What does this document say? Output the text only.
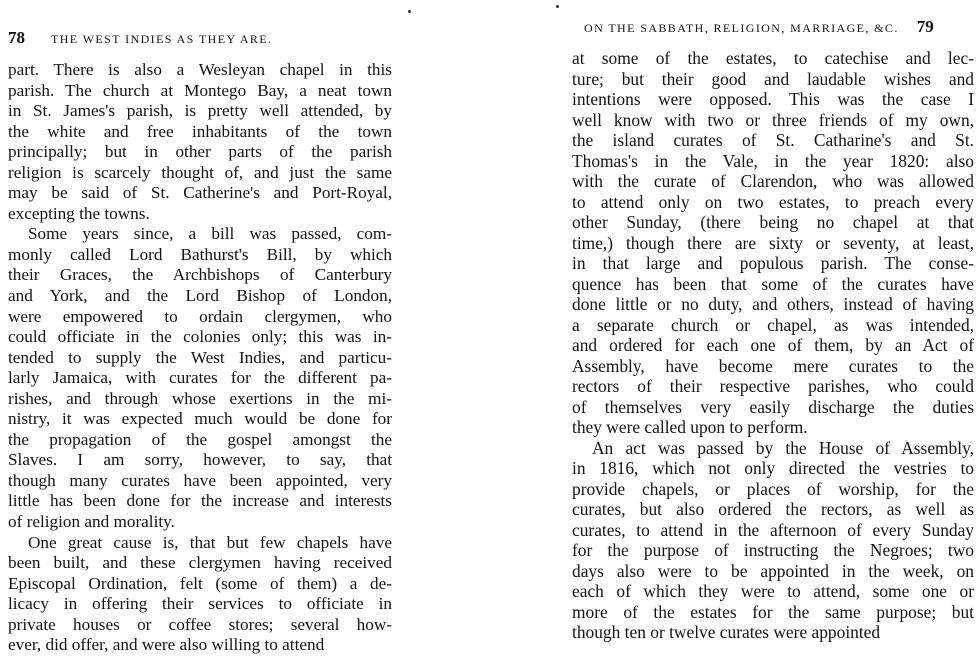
78 THE WEST INDIES AS THEY ARE.
part. There is also a Wesleyan chapel in this
parish. The church at Montego Bay, a neat town
in St. James's parish, is pretty well attended, by
the white and free inhabitants of the town
principally; but in other parts of the parish
religion is scarcely thought of, and just the same
may be said of St. Catherine's and Port-Royal,
excepting the towns.
Some years since, a bill was passed, com-
monly called Lord Bathurst's Bill, by which
their Graces, the Archbishops of Canterbury
and York, and the Lord Bishop of London,
were empowered to ordain clergymen, who
could officiate in the colonies only; this was in-
tended to supply the West Indies, and particu-
larly Jamaica, with curates for the different pa-
rishes, and through whose exertions in the mi-
nistry, it was expected much would be done for
the propagation of the gospel amongst the
Slaves. I am sorry, however, to say, that
though many curates have been appointed, very
little has been done for the increase and interests
of religion and morality.
One great cause is, that but few chapels have
been built, and these clergymen having received
Episcopal Ordination, felt (some of them) a de-
licacy in offering their services to officiate in
private houses or coffee stores; several how-
ever, did offer, and were also willing to attend
ON THE SABBATH, RELIGION, MARRIAGE, &C. 79
at some of the estates, to catechise and lec-
ture; but their good and laudable wishes and
intentions were opposed. This was the case I
well know with two or three friends of my own,
the island curates of St. Catharine's and St.
Thomas's in the Vale, in the year 1820: also
with the curate of Clarendon, who was allowed
to attend only on two estates, to preach every
other Sunday, (there being no chapel at that
time,) though there are sixty or seventy, at least,
in that large and populous parish. The conse-
quence has been that some of the curates have
done little or no duty, and others, instead of having
a separate church or chapel, as was intended,
and ordered for each one of them, by an Act of
Assembly, have become mere curates to the
rectors of their respective parishes, who could
of themselves very easily discharge the duties
they were called upon to perform.
An act was passed by the House of Assembly,
in 1816, which not only directed the vestries to
provide chapels, or places of worship, for the
curates, but also ordered the rectors, as well as
curates, to attend in the afternoon of every Sunday
for the purpose of instructing the Negroes; two
days also were to be appointed in the week, on
each of which they were to attend, some one or
more of the estates for the same purpose; but
though ten or twelve curates were appointed
